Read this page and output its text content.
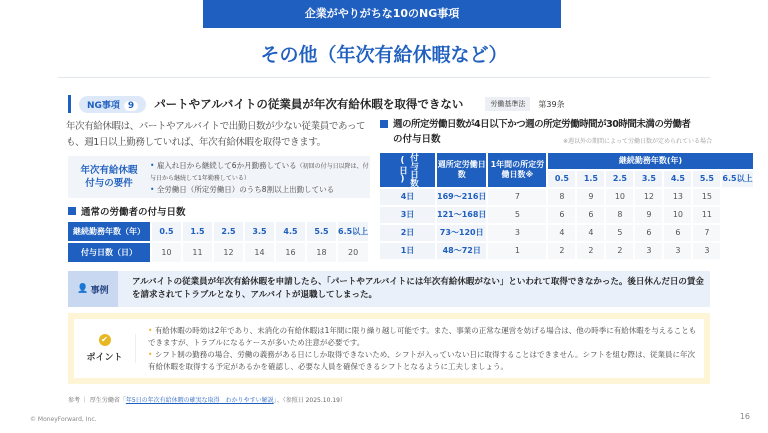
企業がやりがちな10のNG事項
その他（年次有給休暇など）
NG事項 9	パートやアルバイトの従業員が年次有給休暇を取得できない	労働基準法	第39条
年次有給休暇は、パートやアルバイトで出勤日数が少ない従業員であっても、週1日以上勤務していれば、年次有給休暇を取得できます。
年次有給休暇
付与の要件
• 雇入れ日から継続して6か月勤務している（初回の付与日以降は、付与日から継続して1年勤務している）
• 全労働日（所定労働日）のうち8割以上出勤している
通常の労働者の付与日数
継続勤務年数（年）	0.5	1.5	2.5	3.5	4.5	5.5	6.5以上
付与日数（日）	10	11	12	14	16	18	20
週の所定労働日数が4日以下かつ週の所定労働時間が30時間未満の労働者
の付与日数	※週以外の期間によって労働日数が定められている場合
付与日数(日)	週所定労働日数	1年間の所定労働日数※	継続勤務年数(年)						
			0.5	1.5	2.5	3.5	4.5	5.5	6.5以上
4日	169〜216日	7	8	9	10	12	13	15	
3日	121〜168日	5	6	6	8	9	10	11	
2日	73〜120日	3	4	4	5	6	6	7	
1日	48〜72日	1	2	2	2	3	3	3	
👤 事例
アルバイトの従業員が年次有給休暇を申請したら、「パートやアルバイトには年次有給休暇がない」といわれて取得できなかった。後日休んだ日の賃金を請求されてトラブルとなり、アルバイトが退職してしまった。
✔
ポイント
• 有給休暇の時効は2年であり、未消化の有給休暇は1年間に限り繰り越し可能です。また、事業の正常な運営を妨げる場合は、他の時季に有給休暇を与えることもできますが、トラブルになるケースが多いため注意が必要です。
• シフト制の勤務の場合、労働の義務がある日にしか取得できないため、シフトが入っていない日に取得することはできません。シフトを組む際は、従業員に年次有給休暇を取得する予定があるかを確認し、必要な人員を確保できるシフトとなるように工夫しましょう。
参考 ｜ 厚生労働省「年5日の年次有給休暇の確実な取得　わかりやすい解説」、（参照日 2025.10.19）
© MoneyForward, Inc.	16
